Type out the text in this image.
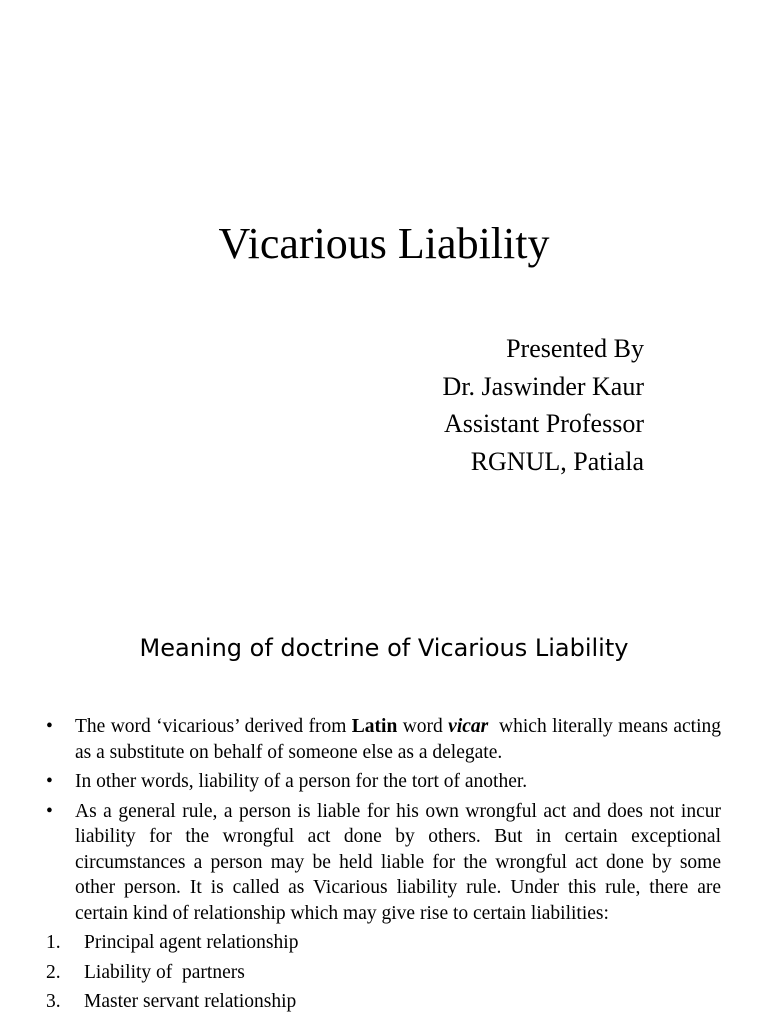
Vicarious Liability
Presented By
Dr. Jaswinder Kaur
Assistant Professor
RGNUL, Patiala
Meaning of doctrine of Vicarious Liability
• The word ‘vicarious’ derived from Latin word vicar  which literally means acting as a substitute on behalf of someone else as a delegate.
• In other words, liability of a person for the tort of another.
• As a general rule, a person is liable for his own wrongful act and does not incur liability for the wrongful act done by others. But in certain exceptional circumstances a person may be held liable for the wrongful act done by some other person. It is called as Vicarious liability rule. Under this rule, there are certain kind of relationship which may give rise to certain liabilities:
1. Principal agent relationship
2. Liability of  partners
3. Master servant relationship
